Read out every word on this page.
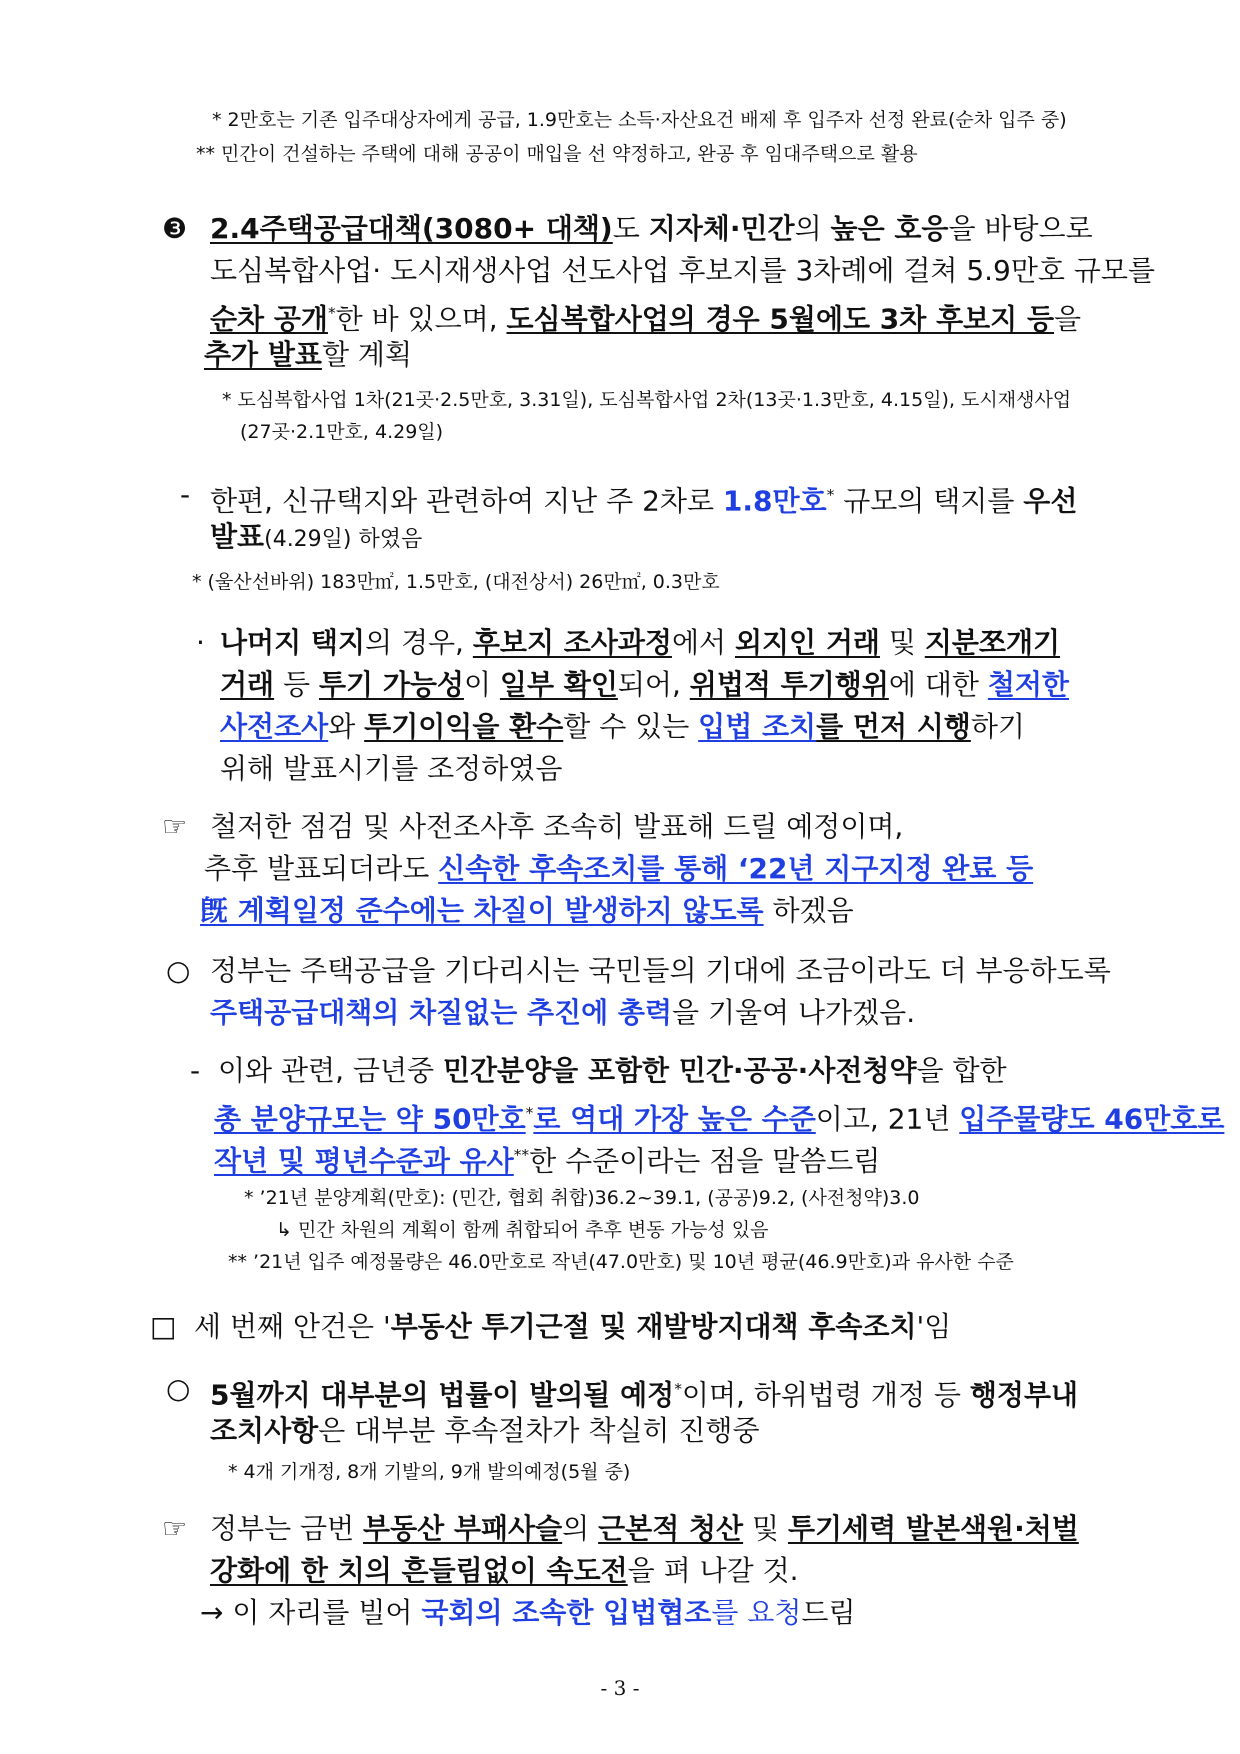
* 2만호는 기존 입주대상자에게 공급, 1.9만호는 소득·자산요건 배제 후 입주자 선정 완료(순차 입주 중)
** 민간이 건설하는 주택에 대해 공공이 매입을 선 약정하고, 완공 후 임대주택으로 활용
❸ 2.4주택공급대책(3080+ 대책)도 지자체·민간의 높은 호응을 바탕으로
도심복합사업· 도시재생사업 선도사업 후보지를 3차례에 걸쳐 5.9만호 규모를
순차 공개*한 바 있으며, 도심복합사업의 경우 5월에도 3차 후보지 등을
추가 발표할 계획
* 도심복합사업 1차(21곳·2.5만호, 3.31일), 도심복합사업 2차(13곳·1.3만호, 4.15일), 도시재생사업
(27곳·2.1만호, 4.29일)
- 한편, 신규택지와 관련하여 지난 주 2차로 1.8만호* 규모의 택지를 우선
발표(4.29일) 하였음
* (울산선바위) 183만㎡, 1.5만호, (대전상서) 26만㎡, 0.3만호
· 나머지 택지의 경우, 후보지 조사과정에서 외지인 거래 및 지분쪼개기
거래 등 투기 가능성이 일부 확인되어, 위법적 투기행위에 대한 철저한
사전조사와 투기이익을 환수할 수 있는 입법 조치를 먼저 시행하기
위해 발표시기를 조정하였음
☞ 철저한 점검 및 사전조사후 조속히 발표해 드릴 예정이며,
추후 발표되더라도 신속한 후속조치를 통해 ‘22년 지구지정 완료 등
旣 계획일정 준수에는 차질이 발생하지 않도록 하겠음
○ 정부는 주택공급을 기다리시는 국민들의 기대에 조금이라도 더 부응하도록
주택공급대책의 차질없는 추진에 총력을 기울여 나가겠음.
- 이와 관련, 금년중 민간분양을 포함한 민간·공공·사전청약을 합한
총 분양규모는 약 50만호*로 역대 가장 높은 수준이고, 21년 입주물량도 46만호로
작년 및 평년수준과 유사**한 수준이라는 점을 말씀드림
* ’21년 분양계획(만호): (민간, 협회 취합)36.2~39.1, (공공)9.2, (사전청약)3.0
↳ 민간 차원의 계획이 함께 취합되어 추후 변동 가능성 있음
** ’21년 입주 예정물량은 46.0만호로 작년(47.0만호) 및 10년 평균(46.9만호)과 유사한 수준
□ 세 번째 안건은 '부동산 투기근절 및 재발방지대책 후속조치'임
○ 5월까지 대부분의 법률이 발의될 예정*이며, 하위법령 개정 등 행정부내
조치사항은 대부분 후속절차가 착실히 진행중
* 4개 기개정, 8개 기발의, 9개 발의예정(5월 중)
☞ 정부는 금번 부동산 부패사슬의 근본적 청산 및 투기세력 발본색원·처벌
강화에 한 치의 흔들림없이 속도전을 펴 나갈 것.
→ 이 자리를 빌어 국회의 조속한 입법협조를 요청드림
- 3 -
